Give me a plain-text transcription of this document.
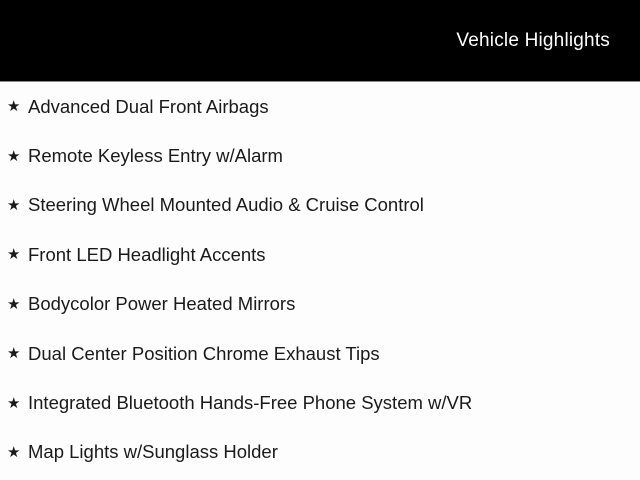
Vehicle Highlights
★ Advanced Dual Front Airbags
★ Remote Keyless Entry w/Alarm
★ Steering Wheel Mounted Audio & Cruise Control
★ Front LED Headlight Accents
★ Bodycolor Power Heated Mirrors
★ Dual Center Position Chrome Exhaust Tips
★ Integrated Bluetooth Hands-Free Phone System w/VR
★ Map Lights w/Sunglass Holder
